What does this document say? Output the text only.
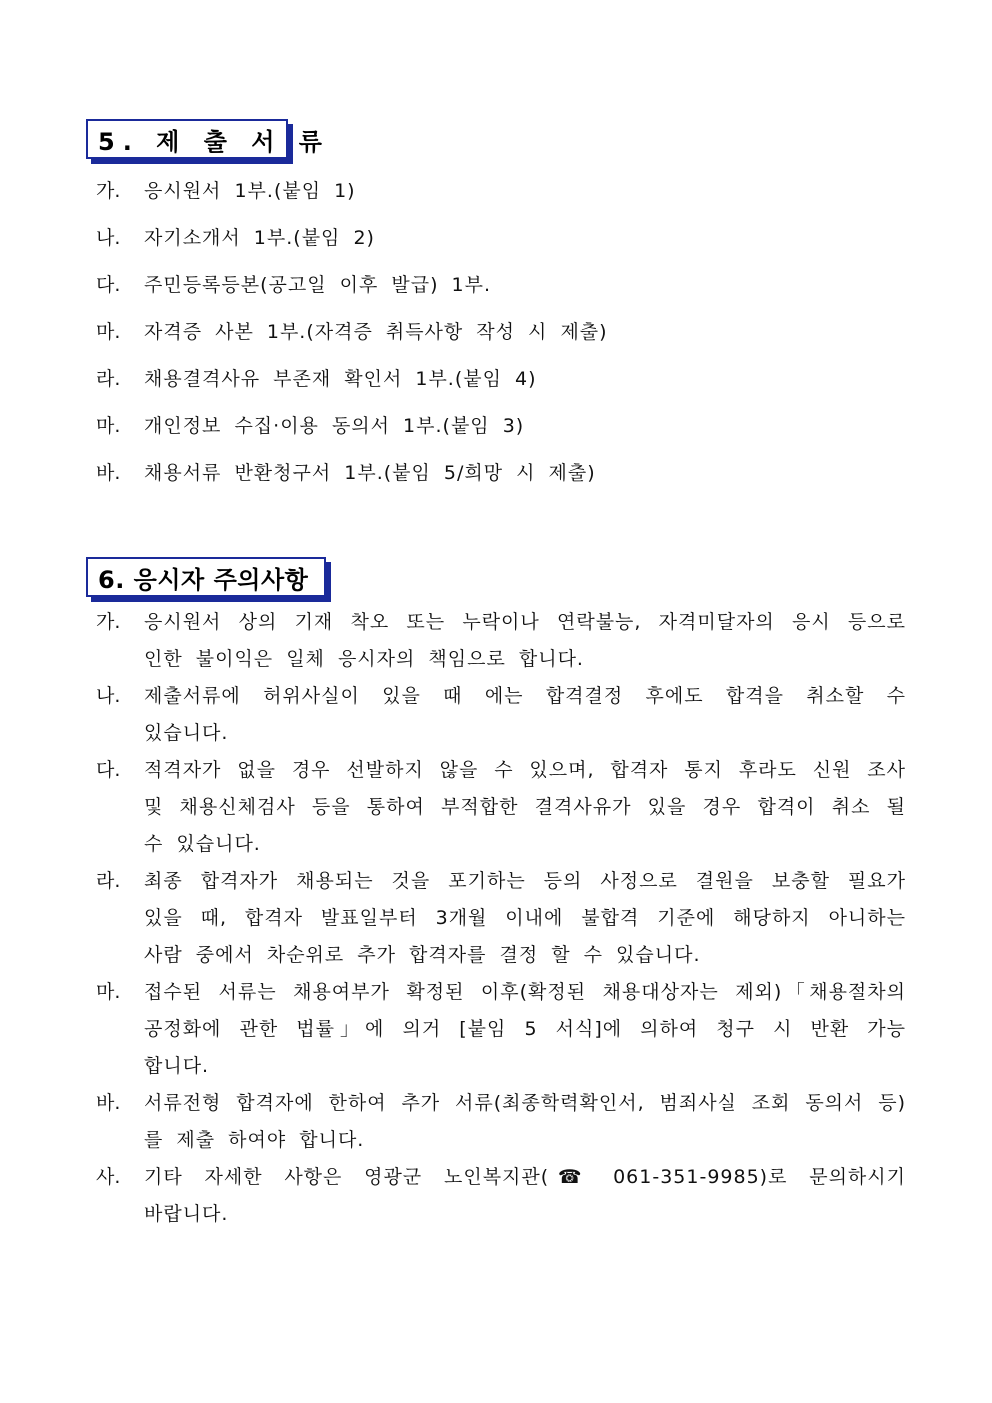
5. 제 출 서 류
가.	응시원서 1부.(붙임 1)
나.	자기소개서 1부.(붙임 2)
다.	주민등록등본(공고일 이후 발급) 1부.
마.	자격증 사본 1부.(자격증 취득사항 작성 시 제출)
라.	채용결격사유 부존재 확인서 1부.(붙임 4)
마.	개인정보 수집·이용 동의서 1부.(붙임 3)
바.	채용서류 반환청구서 1부.(붙임 5/희망 시 제출)
6. 응시자 주의사항
가.	응시원서 상의 기재 착오 또는 누락이나 연락불능, 자격미달자의 응시 등으로 인한 불이익은 일체 응시자의 책임으로 합니다.
나.	제출서류에 허위사실이 있을 때 에는 합격결정 후에도 합격을 취소할 수 있습니다.
다.	적격자가 없을 경우 선발하지 않을 수 있으며, 합격자 통지 후라도 신원 조사 및 채용신체검사 등을 통하여 부적합한 결격사유가 있을 경우 합격이 취소 될 수 있습니다.
라.	최종 합격자가 채용되는 것을 포기하는 등의 사정으로 결원을 보충할 필요가 있을 때, 합격자 발표일부터 3개월 이내에 불합격 기준에 해당하지 아니하는 사람 중에서 차순위로 추가 합격자를 결정 할 수 있습니다.
마.	접수된 서류는 채용여부가 확정된 이후(확정된 채용대상자는 제외)「채용절차의 공정화에 관한 법률」에 의거 [붙임 5 서식]에 의하여 청구 시 반환 가능 합니다.
바.	서류전형 합격자에 한하여 추가 서류(최종학력확인서, 범죄사실 조회 동의서 등)를 제출 하여야 합니다.
사.	기타 자세한 사항은 영광군 노인복지관(☎ 061-351-9985)로 문의하시기 바랍니다.
